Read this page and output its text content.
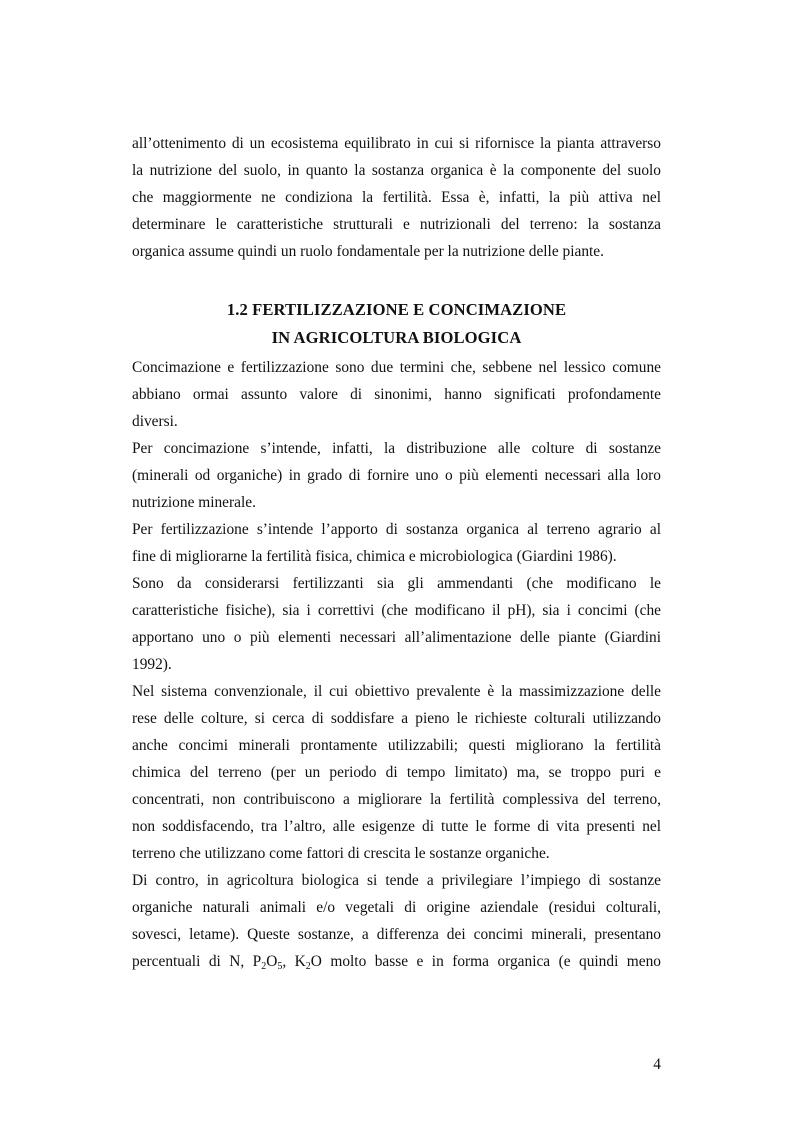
all’ottenimento di un ecosistema equilibrato in cui si rifornisce la pianta attraverso
la nutrizione del suolo, in quanto la sostanza organica è la componente del suolo
che maggiormente ne condiziona la fertilità. Essa è, infatti, la più attiva nel
determinare le caratteristiche strutturali e nutrizionali del terreno: la sostanza
organica assume quindi un ruolo fondamentale per la nutrizione delle piante.
1.2 FERTILIZZAZIONE E CONCIMAZIONE
IN AGRICOLTURA BIOLOGICA
Concimazione e fertilizzazione sono due termini che, sebbene nel lessico comune
abbiano ormai assunto valore di sinonimi, hanno significati profondamente
diversi.
Per concimazione s’intende, infatti, la distribuzione alle colture di sostanze
(minerali od organiche) in grado di fornire uno o più elementi necessari alla loro
nutrizione minerale.
Per fertilizzazione s’intende l’apporto di sostanza organica al terreno agrario al
fine di migliorarne la fertilità fisica, chimica e microbiologica (Giardini 1986).
Sono da considerarsi fertilizzanti sia gli ammendanti (che modificano le
caratteristiche fisiche), sia i correttivi (che modificano il pH), sia i concimi (che
apportano uno o più elementi necessari all’alimentazione delle piante (Giardini
1992).
Nel sistema convenzionale, il cui obiettivo prevalente è la massimizzazione delle
rese delle colture, si cerca di soddisfare a pieno le richieste colturali utilizzando
anche concimi minerali prontamente utilizzabili; questi migliorano la fertilità
chimica del terreno (per un periodo di tempo limitato) ma, se troppo puri e
concentrati, non contribuiscono a migliorare la fertilità complessiva del terreno,
non soddisfacendo, tra l’altro, alle esigenze di tutte le forme di vita presenti nel
terreno che utilizzano come fattori di crescita le sostanze organiche.
Di contro, in agricoltura biologica si tende a privilegiare l’impiego di sostanze
organiche naturali animali e/o vegetali di origine aziendale (residui colturali,
sovesci, letame). Queste sostanze, a differenza dei concimi minerali, presentano
percentuali di N, $P_2O_5$, $K_2O$ molto basse e in forma organica (e quindi meno
4
